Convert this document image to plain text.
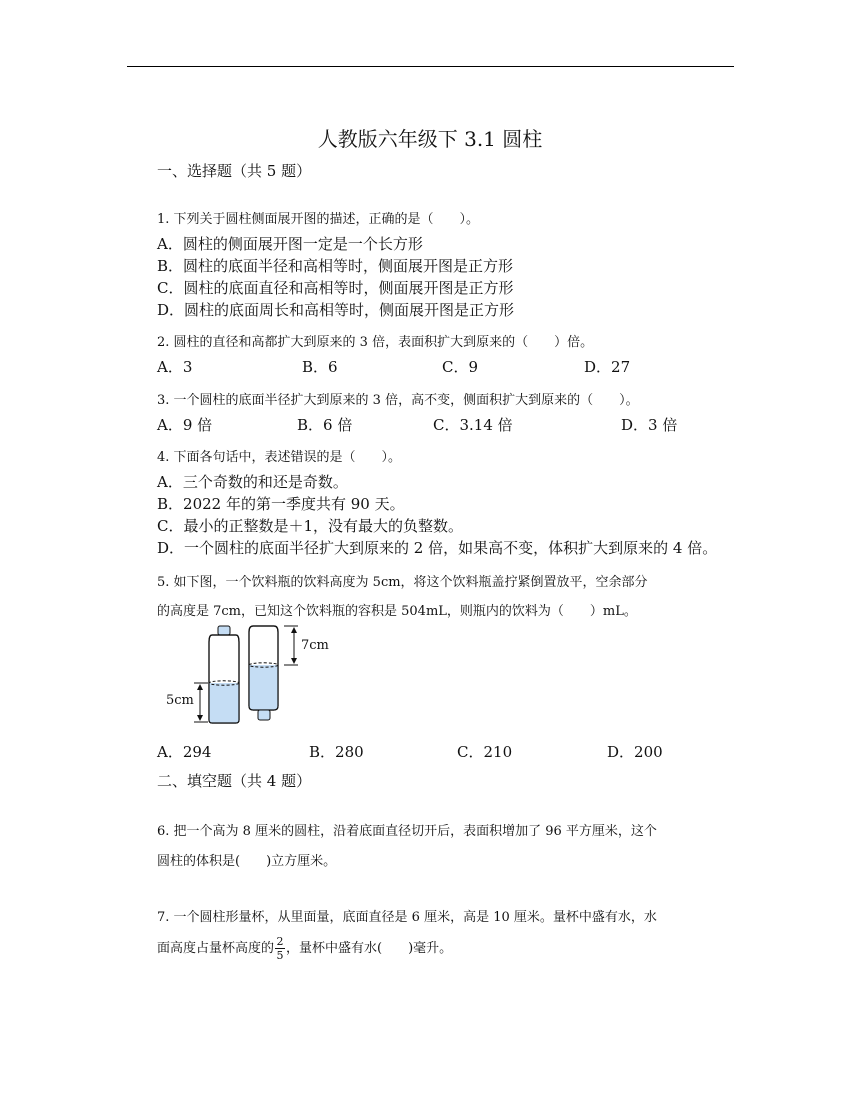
人教版六年级下 3.1 圆柱
一、选择题（共 5 题）
1. 下列关于圆柱侧面展开图的描述，正确的是（　　）。
A．圆柱的侧面展开图一定是一个长方形
B．圆柱的底面半径和高相等时，侧面展开图是正方形
C．圆柱的底面直径和高相等时，侧面展开图是正方形
D．圆柱的底面周长和高相等时，侧面展开图是正方形
2. 圆柱的直径和高都扩大到原来的 3 倍，表面积扩大到原来的（　　）倍。
A．3	B．6	C．9	D．27
3. 一个圆柱的底面半径扩大到原来的 3 倍，高不变，侧面积扩大到原来的（　　）。
A．9 倍	B．6 倍	C．3.14 倍	D．3 倍
4. 下面各句话中，表述错误的是（　　）。
A．三个奇数的和还是奇数。
B．2022 年的第一季度共有 90 天。
C．最小的正整数是＋1，没有最大的负整数。
D．一个圆柱的底面半径扩大到原来的 2 倍，如果高不变，体积扩大到原来的 4 倍。
5. 如下图，一个饮料瓶的饮料高度为 5cm，将这个饮料瓶盖拧紧倒置放平，空余部分
的高度是 7cm，已知这个饮料瓶的容积是 504mL，则瓶内的饮料为（　　）mL。
5cm
7cm
A．294	B．280	C．210	D．200
二、填空题（共 4 题）
6. 把一个高为 8 厘米的圆柱，沿着底面直径切开后，表面积增加了 96 平方厘米，这个
圆柱的体积是(　　)立方厘米。
7. 一个圆柱形量杯，从里面量，底面直径是 6 厘米，高是 10 厘米。量杯中盛有水，水
面高度占量杯高度的 2
5 ，量杯中盛有水(　　)毫升。
